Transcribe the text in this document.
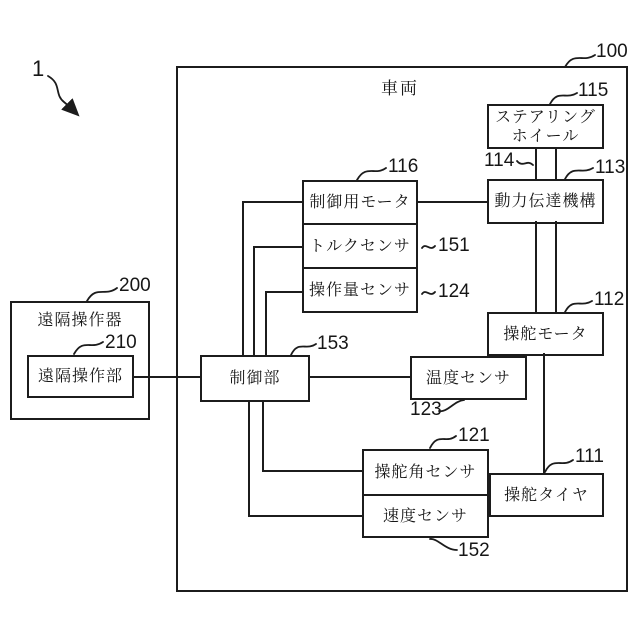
1
車両
100
遠隔操作器
200
遠隔操作部
210
ステアリング
ホイール
115
114
動力伝達機構
113
制御用モータ
トルクセンサ
操作量センサ
116
151
124
操舵モータ
112
温度センサ
123
制御部
153
操舵角センサ
速度センサ
121
152
操舵タイヤ
111
